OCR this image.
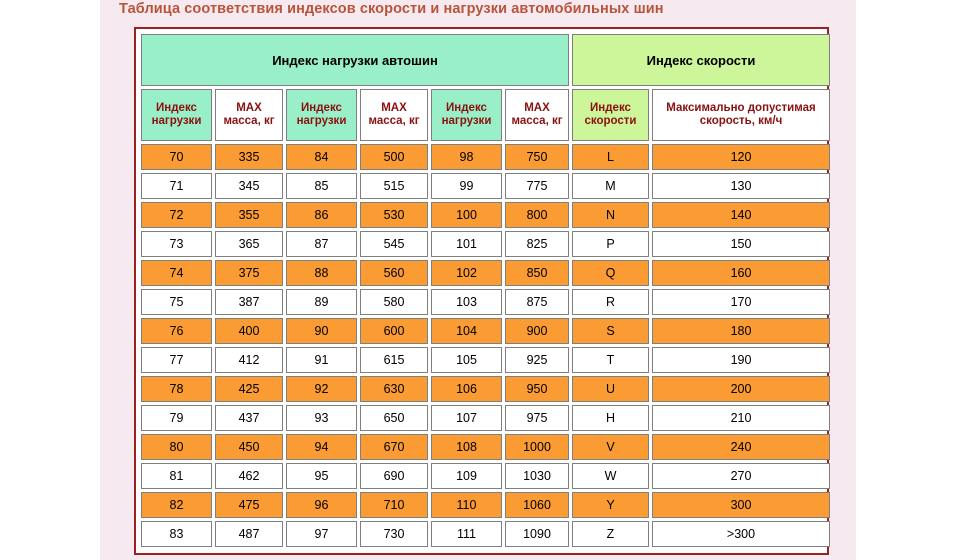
Таблица соответствия индексов скорости и нагрузки автомобильных шин
Индекс нагрузки автошин						Индекс скорости	
Индекс нагрузки	MAX масса, кг	Индекс нагрузки	MAX масса, кг	Индекс нагрузки	MAX масса, кг	Индекс скорости	Максимально допустимая скорость, км/ч
70	335	84	500	98	750	L	120
71	345	85	515	99	775	M	130
72	355	86	530	100	800	N	140
73	365	87	545	101	825	P	150
74	375	88	560	102	850	Q	160
75	387	89	580	103	875	R	170
76	400	90	600	104	900	S	180
77	412	91	615	105	925	T	190
78	425	92	630	106	950	U	200
79	437	93	650	107	975	H	210
80	450	94	670	108	1000	V	240
81	462	95	690	109	1030	W	270
82	475	96	710	110	1060	Y	300
83	487	97	730	111	1090	Z	>300
